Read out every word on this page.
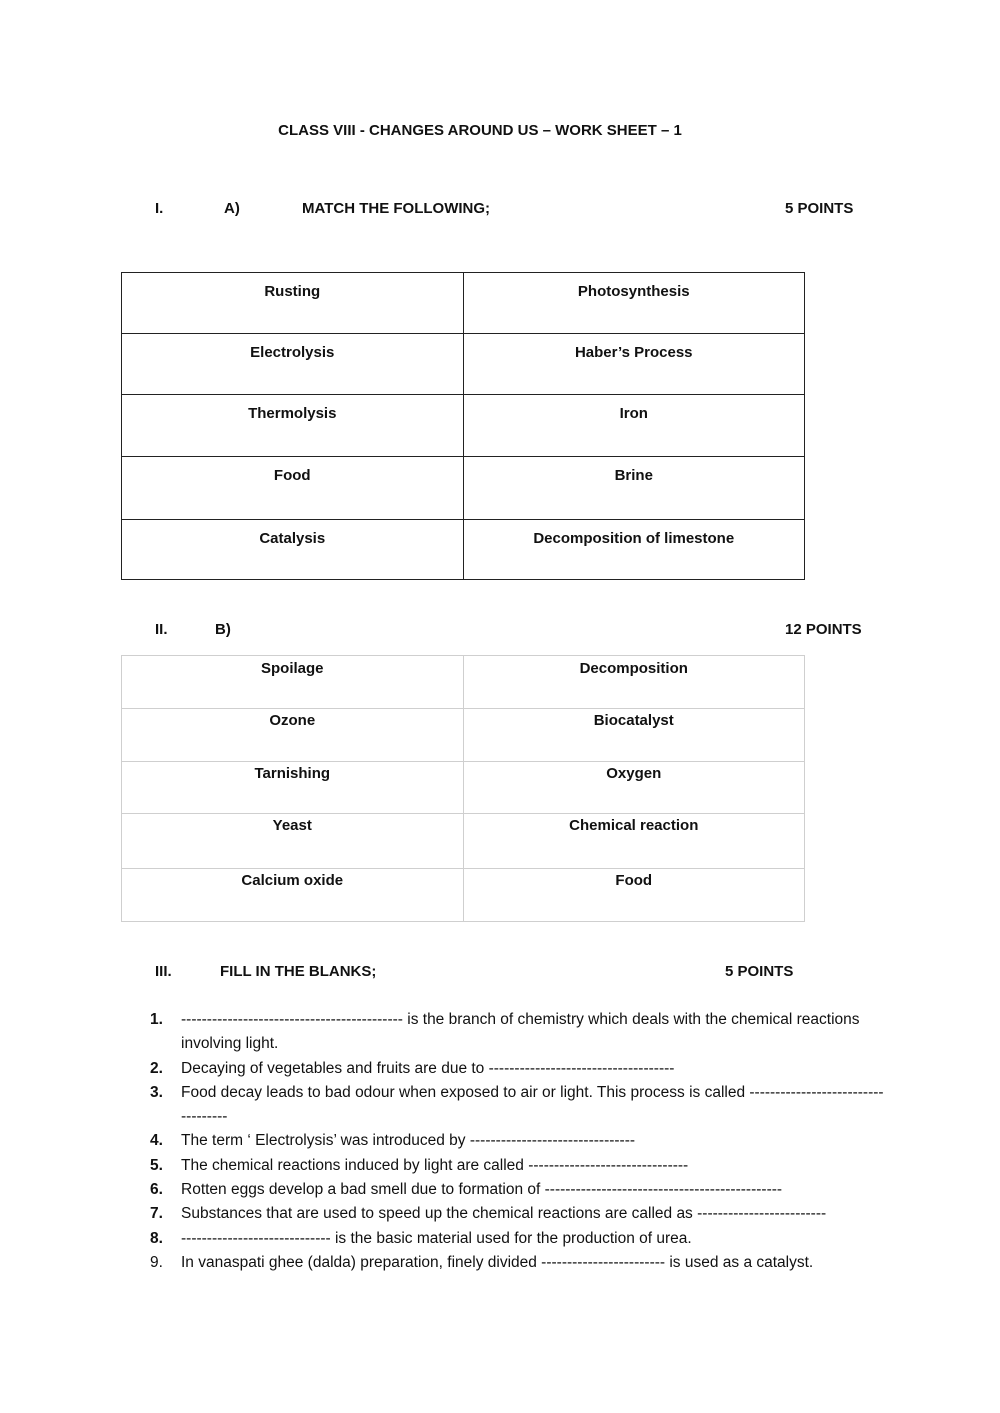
CLASS VIII - CHANGES AROUND US – WORK SHEET – 1
I.	A)	MATCH THE FOLLOWING;	5 POINTS
Rusting	Photosynthesis
Electrolysis	Haber’s Process
Thermolysis	Iron
Food	Brine
Catalysis	Decomposition of limestone
II.	B)	12 POINTS
Spoilage	Decomposition
Ozone	Biocatalyst
Tarnishing	Oxygen
Yeast	Chemical reaction
Calcium oxide	Food
III.	FILL IN THE BLANKS;	5 POINTS
1.	------------------------------------------- is the branch of chemistry which deals with the chemical reactions involving light.
2.	Decaying of vegetables and fruits are due to ------------------------------------
3.	Food decay leads to bad odour when exposed to air or light. This process is called -----------------------------------
4.	The term ‘ Electrolysis’ was introduced by --------------------------------
5.	The chemical reactions induced by light are called -------------------------------
6.	Rotten eggs develop a bad smell due to formation of ----------------------------------------------
7.	Substances that are used to speed up the chemical reactions are called as -------------------------
8.	----------------------------- is the basic material used for the production of urea.
9.	In vanaspati ghee (dalda) preparation, finely divided ------------------------ is used as a catalyst.
